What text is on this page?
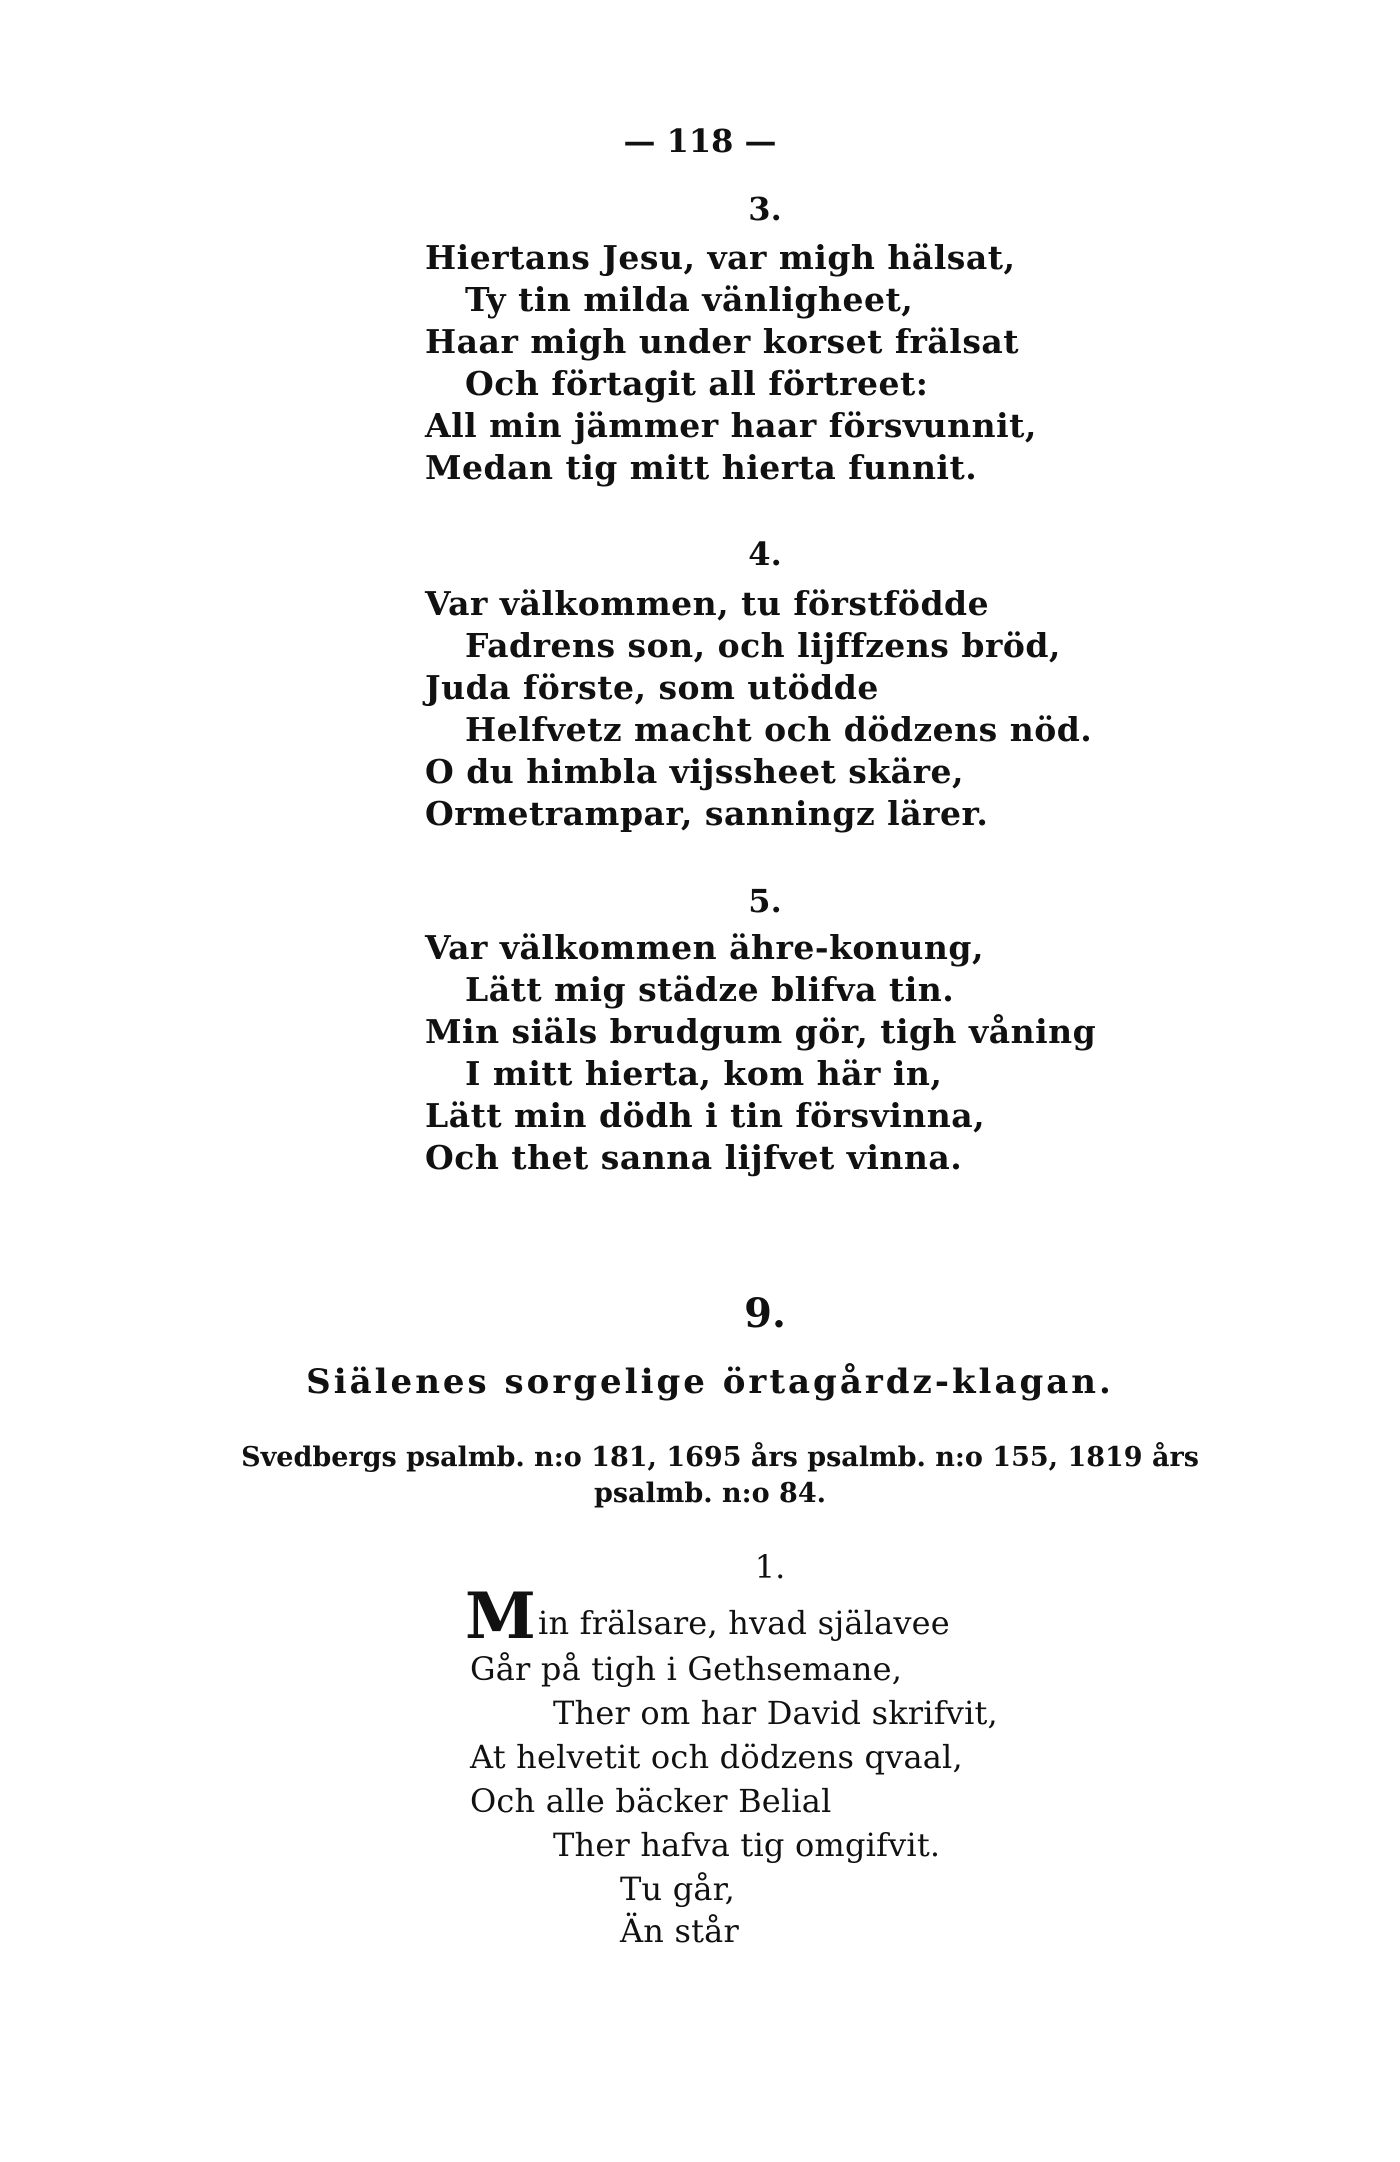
— 118 —
3.
Hiertans Jesu, var migh hälsat,
Ty tin milda vänligheet,
Haar migh under korset frälsat
Och förtagit all förtreet:
All min jämmer haar försvunnit,
Medan tig mitt hierta funnit.
4.
Var välkommen, tu förstfödde
Fadrens son, och lijffzens bröd,
Juda förste, som utödde
Helfvetz macht och dödzens nöd.
O du himbla vijssheet skäre,
Ormetrampar, sanningz lärer.
5.
Var välkommen ähre-konung,
Lätt mig städze blifva tin.
Min siäls brudgum gör, tigh våning
I mitt hierta, kom här in,
Lätt min dödh i tin försvinna,
Och thet sanna lijfvet vinna.
9.
Siälenes sorgelige örtagårdz-klagan.
Svedbergs psalmb. n:o 181, 1695 års psalmb. n:o 155, 1819 års
psalmb. n:o 84.
1.
Min frälsare, hvad själavee
Går på tigh i Gethsemane,
Ther om har David skrifvit,
At helvetit och dödzens qvaal,
Och alle bäcker Belial
Ther hafva tig omgifvit.
Tu går,
Än står
